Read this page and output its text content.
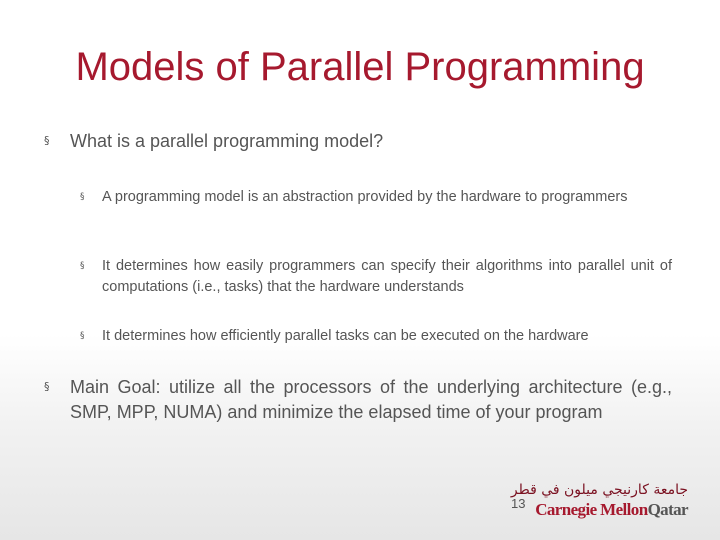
Models of Parallel Programming
§	What is a parallel programming model?
§	A programming model is an abstraction provided by the hardware to programmers
§	It determines how easily programmers can specify their algorithms into parallel unit of computations (i.e., tasks) that the hardware understands
§	It determines how efficiently parallel tasks can be executed on the hardware
§	Main Goal: utilize all the processors of the underlying architecture (e.g., SMP, MPP, NUMA) and minimize the elapsed time of your program
13
جامعة كارنيجي ميلون في قطر
Carnegie MellonQatar
